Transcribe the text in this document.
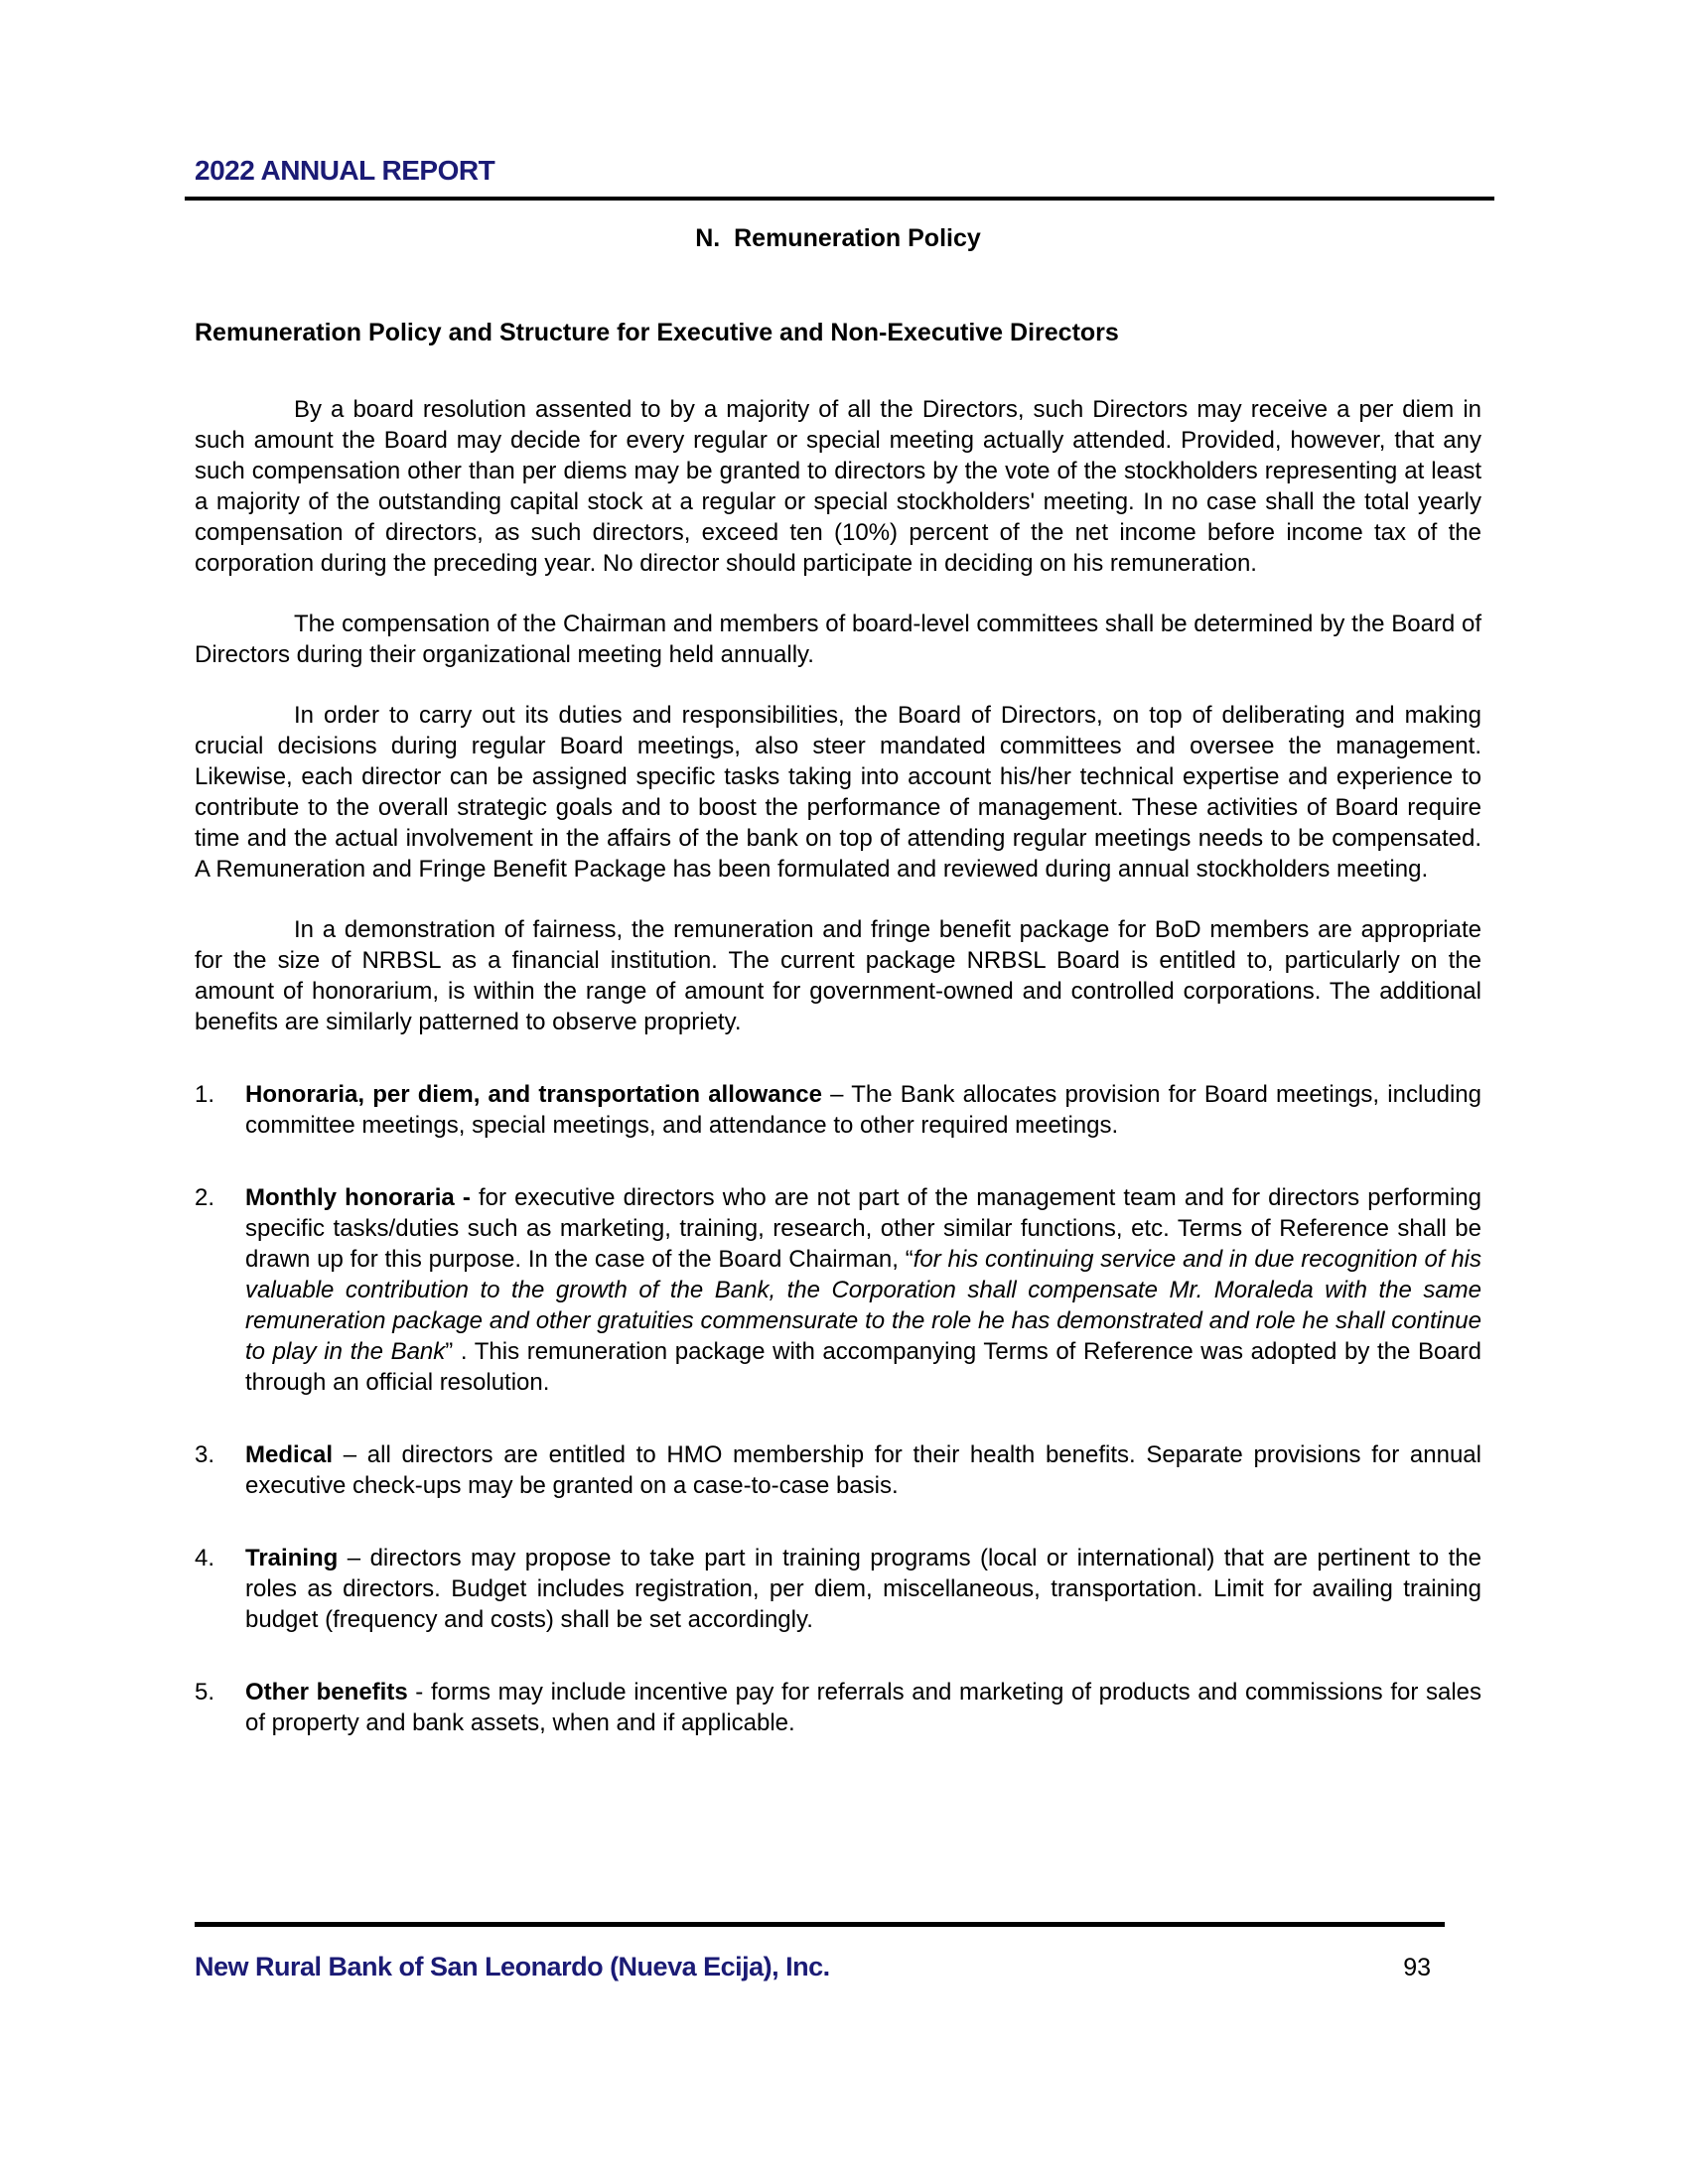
2022 ANNUAL REPORT
N.  Remuneration Policy
Remuneration Policy and Structure for Executive and Non-Executive Directors

By a board resolution assented to by a majority of all the Directors, such Directors may receive a per diem in such amount the Board may decide for every regular or special meeting actually attended. Provided, however, that any such compensation other than per diems may be granted to directors by the vote of the stockholders representing at least a majority of the outstanding capital stock at a regular or special stockholders' meeting. In no case shall the total yearly compensation of directors, as such directors, exceed ten (10%) percent of the net income before income tax of the corporation during the preceding year. No director should participate in deciding on his remuneration.

The compensation of the Chairman and members of board-level committees shall be determined by the Board of Directors during their organizational meeting held annually.

In order to carry out its duties and responsibilities, the Board of Directors, on top of deliberating and making crucial decisions during regular Board meetings, also steer mandated committees and oversee the management. Likewise, each director can be assigned specific tasks taking into account his/her technical expertise and experience to contribute to the overall strategic goals and to boost the performance of management. These activities of Board require time and the actual involvement in the affairs of the bank on top of attending regular meetings needs to be compensated. A Remuneration and Fringe Benefit Package has been formulated and reviewed during annual stockholders meeting.

In a demonstration of fairness, the remuneration and fringe benefit package for BoD members are appropriate for the size of NRBSL as a financial institution. The current package NRBSL Board is entitled to, particularly on the amount of honorarium, is within the range of amount for government-owned and controlled corporations. The additional benefits are similarly patterned to observe propriety.

1. Honoraria, per diem, and transportation allowance – The Bank allocates provision for Board meetings, including committee meetings, special meetings, and attendance to other required meetings.
2. Monthly honoraria - for executive directors who are not part of the management team and for directors performing specific tasks/duties such as marketing, training, research, other similar functions, etc. Terms of Reference shall be drawn up for this purpose. In the case of the Board Chairman, “for his continuing service and in due recognition of his valuable contribution to the growth of the Bank, the Corporation shall compensate Mr. Moraleda with the same remuneration package and other gratuities commensurate to the role he has demonstrated and role he shall continue to play in the Bank” . This remuneration package with accompanying Terms of Reference was adopted by the Board through an official resolution.
3. Medical – all directors are entitled to HMO membership for their health benefits. Separate provisions for annual executive check-ups may be granted on a case-to-case basis.
4. Training – directors may propose to take part in training programs (local or international) that are pertinent to the roles as directors. Budget includes registration, per diem, miscellaneous, transportation. Limit for availing training budget (frequency and costs) shall be set accordingly.
5. Other benefits - forms may include incentive pay for referrals and marketing of products and commissions for sales of property and bank assets, when and if applicable.
New Rural Bank of San Leonardo (Nueva Ecija), Inc.	93
